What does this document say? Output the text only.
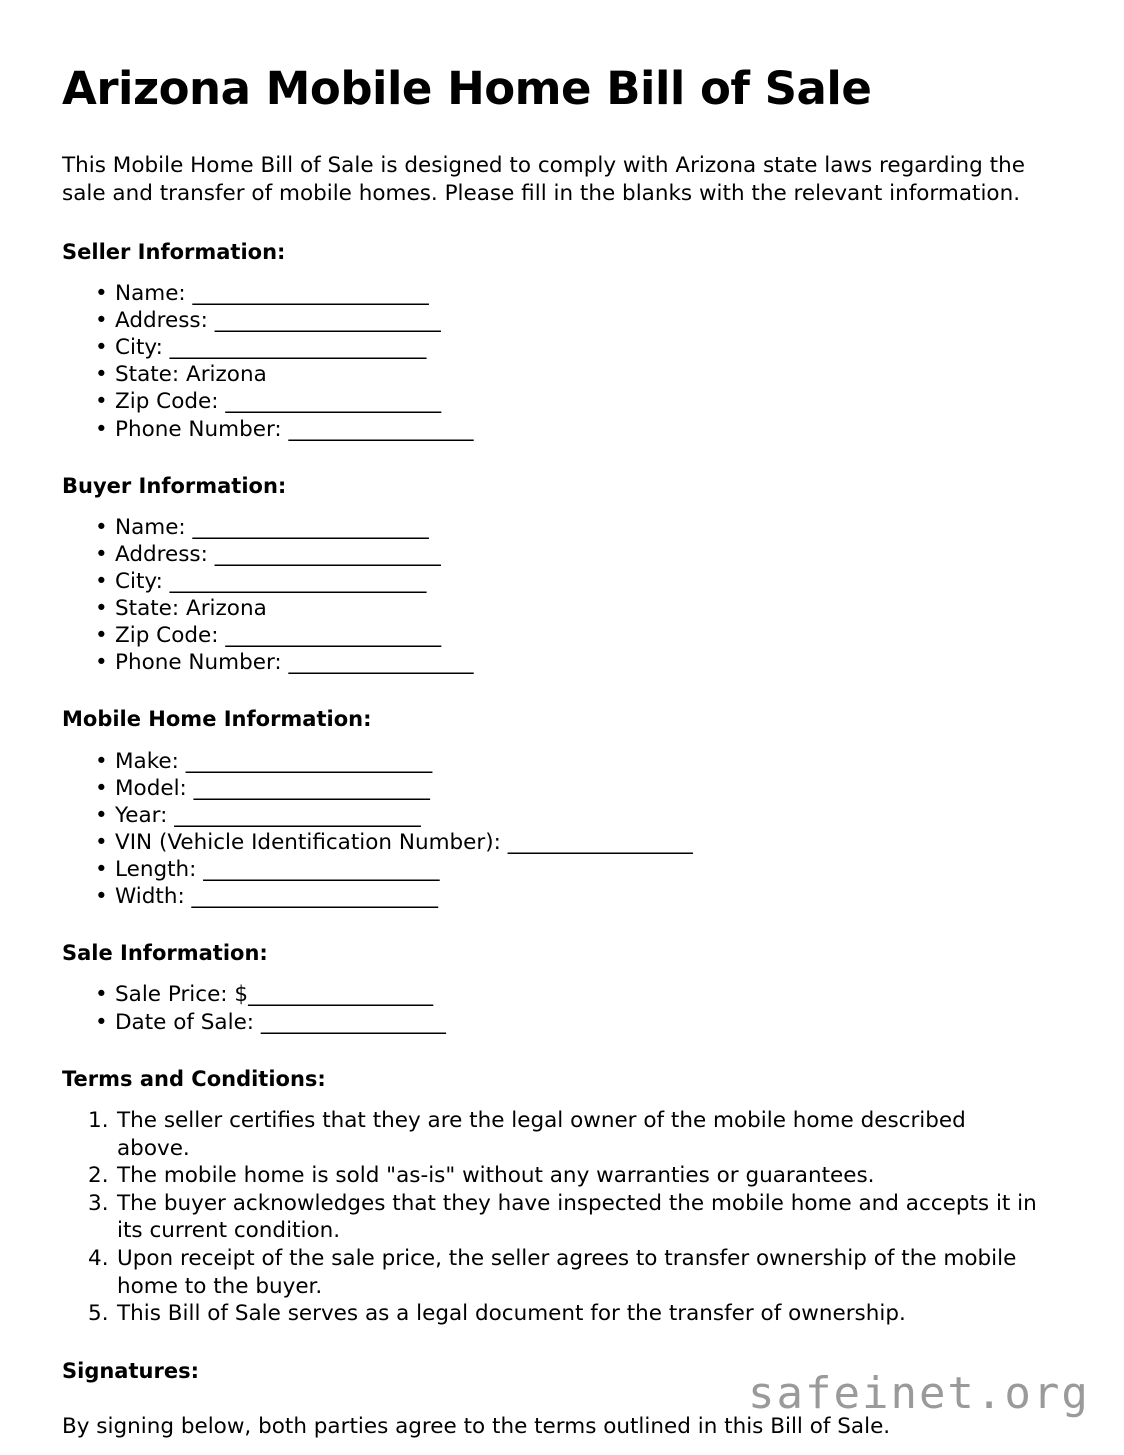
Arizona Mobile Home Bill of Sale

This Mobile Home Bill of Sale is designed to comply with Arizona state laws regarding the sale and transfer of mobile homes. Please fill in the blanks with the relevant information.

Seller Information:
• Name: _______________________
• Address: ______________________
• City: _________________________
• State: Arizona
• Zip Code: _____________________
• Phone Number: __________________
Buyer Information:
• Name: _______________________
• Address: ______________________
• City: _________________________
• State: Arizona
• Zip Code: _____________________
• Phone Number: __________________
Mobile Home Information:
• Make: ________________________
• Model: _______________________
• Year: ________________________
• VIN (Vehicle Identification Number): __________________
• Length: _______________________
• Width: ________________________
Sale Information:
• Sale Price: $__________________
• Date of Sale: __________________
Terms and Conditions:
The seller certifies that they are the legal owner of the mobile home described above.
The mobile home is sold "as-is" without any warranties or guarantees.
The buyer acknowledges that they have inspected the mobile home and accepts it in its current condition.
Upon receipt of the sale price, the seller agrees to transfer ownership of the mobile home to the buyer.
This Bill of Sale serves as a legal document for the transfer of ownership.
Signatures:

By signing below, both parties agree to the terms outlined in this Bill of Sale.

safeinet.org
